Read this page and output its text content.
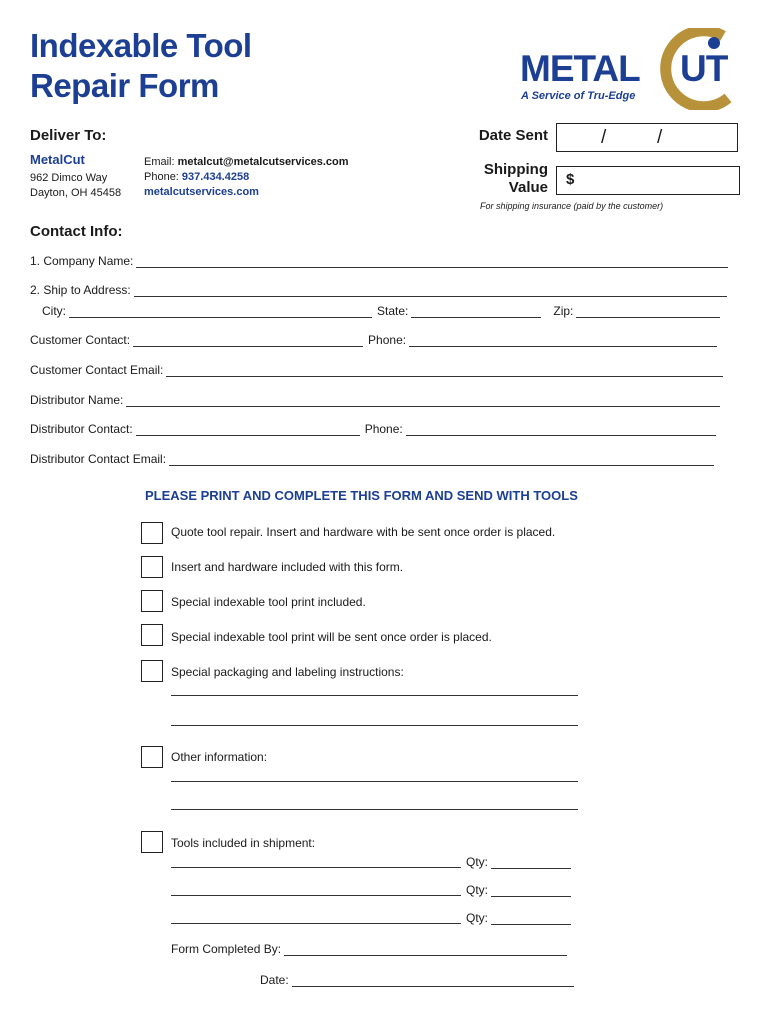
Indexable Tool
Repair Form	METAL UT
A Service of Tru-Edge
Deliver To:
MetalCut
962 Dimco Way
Dayton, OH 45458
Email: metalcut@metalcutservices.com
Phone: 937.434.4258
metalcutservices.com
Date Sent	/	/
Shipping
Value $
For shipping insurance (paid by the customer)
Contact Info:
1. Company Name:
2. Ship to Address:
City:	State:	Zip:
Customer Contact:	Phone:
Customer Contact Email:
Distributor Name:
Distributor Contact:	Phone:
Distributor Contact Email:
PLEASE PRINT AND COMPLETE THIS FORM AND SEND WITH TOOLS
Quote tool repair. Insert and hardware with be sent once order is placed.
Insert and hardware included with this form.
Special indexable tool print included.
Special indexable tool print will be sent once order is placed.
Special packaging and labeling instructions:
Other information:
Tools included in shipment:
Qty:
Qty:
Qty:
Form Completed By:
Date:
